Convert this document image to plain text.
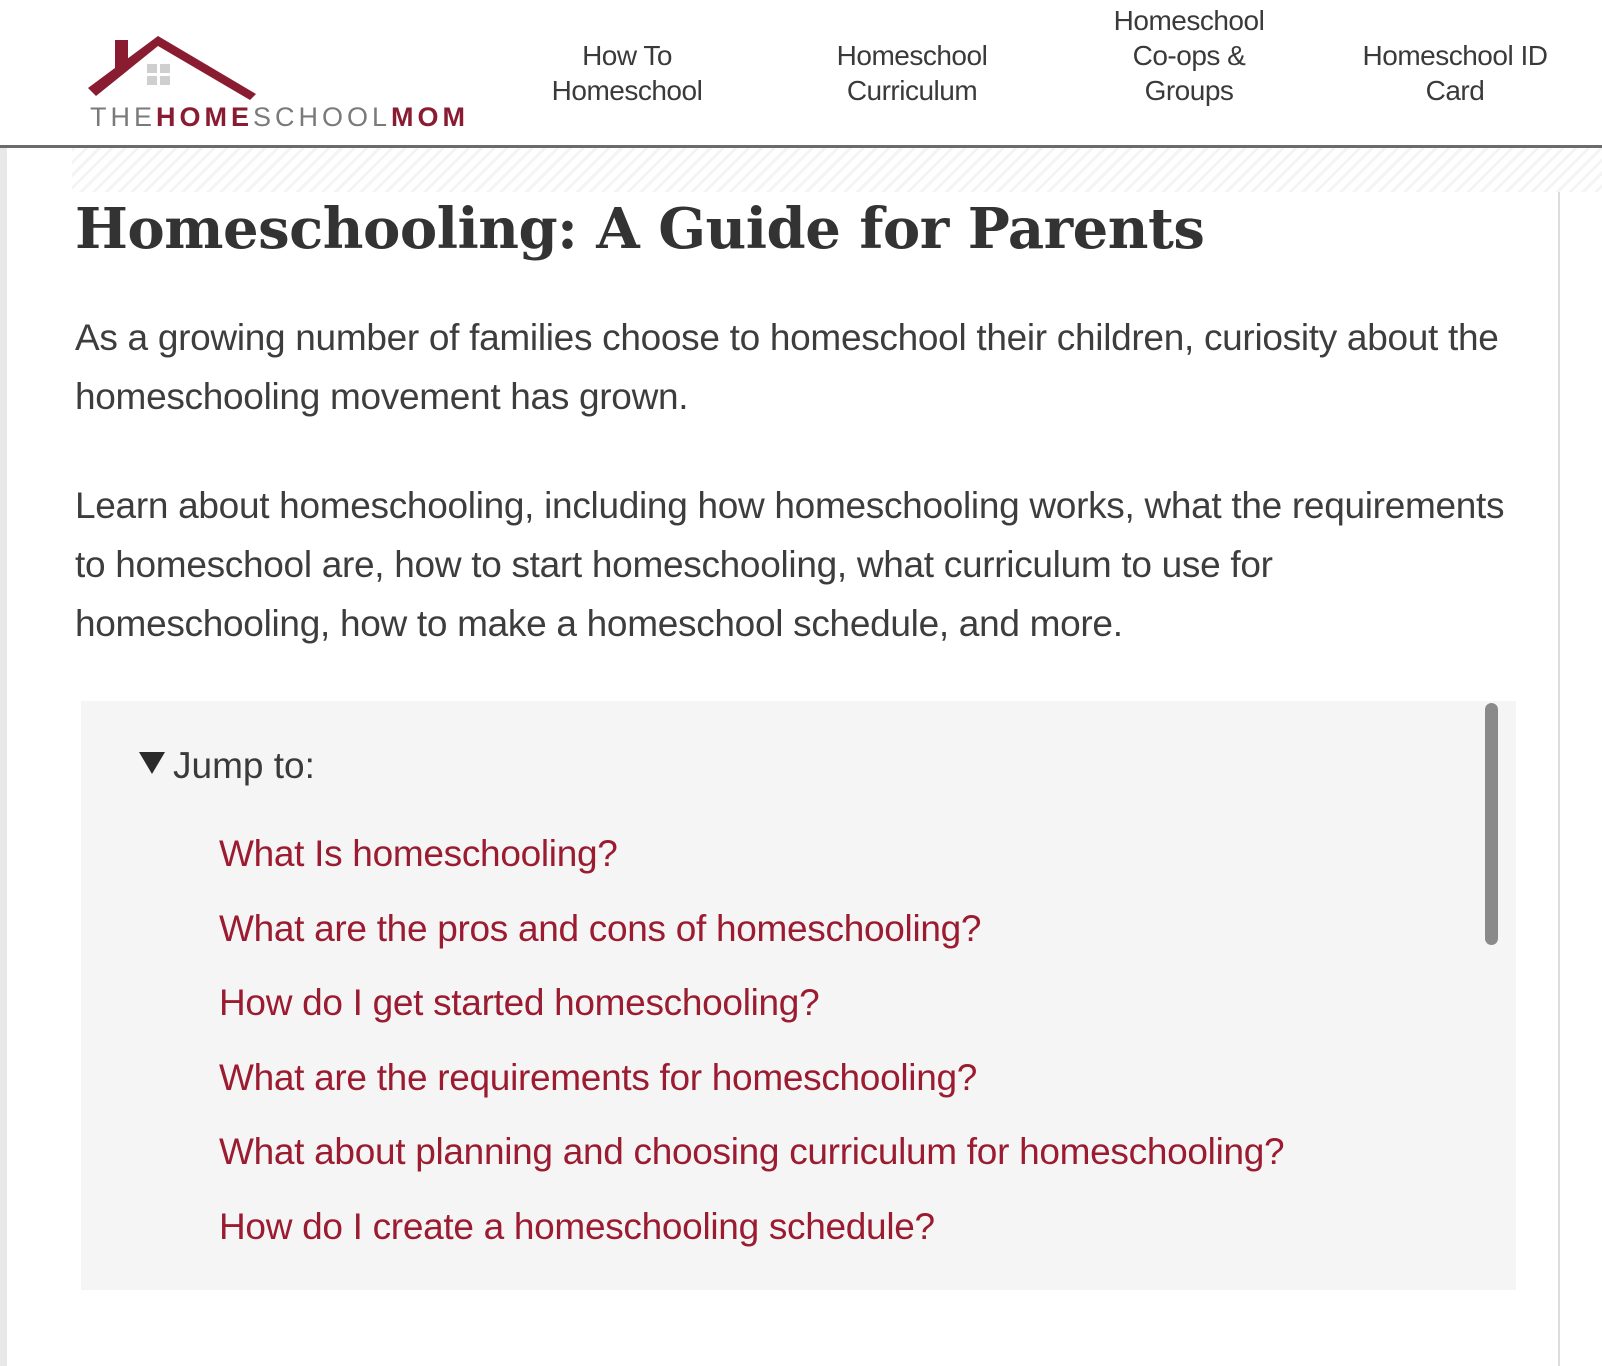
THEHOMESCHOOLMOM
How To
Homeschool
Homeschool
Curriculum
Homeschool
Co-ops &
Groups
Homeschool ID
Card
Homeschooling: A Guide for Parents

As a growing number of families choose to homeschool their children, curiosity about the homeschooling movement has grown.

Learn about homeschooling, including how homeschooling works, what the requirements to homeschool are, how to start homeschooling, what curriculum to use for homeschooling, how to make a homeschool schedule, and more.

Jump to:
What Is homeschooling?
What are the pros and cons of homeschooling?
How do I get started homeschooling?
What are the requirements for homeschooling?
What about planning and choosing curriculum for homeschooling?
How do I create a homeschooling schedule?
